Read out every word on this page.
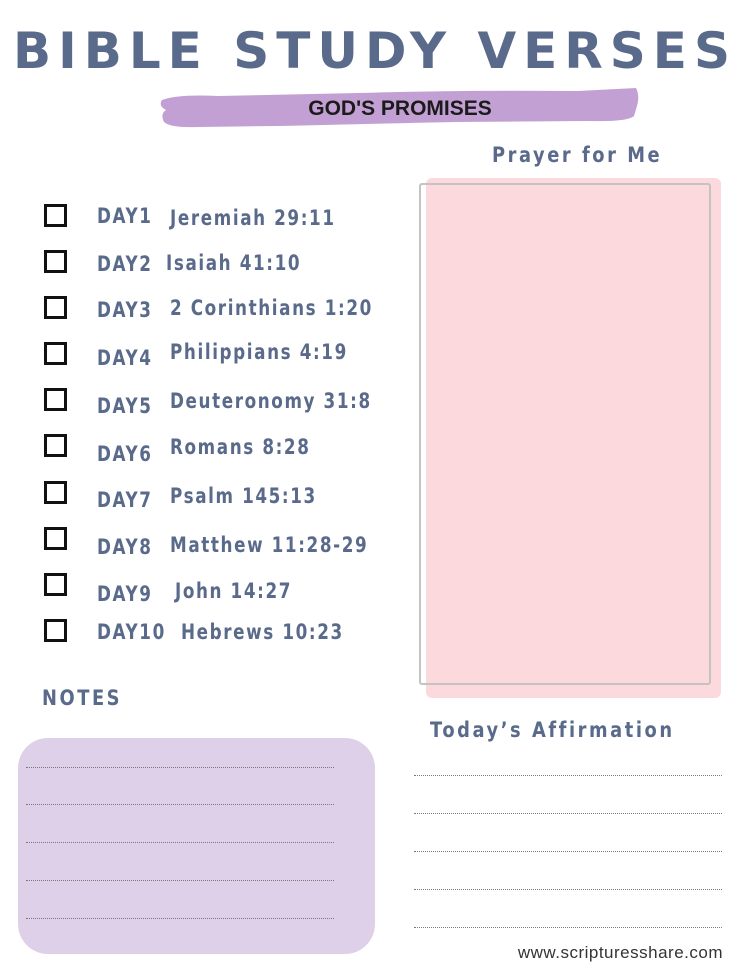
BIBLE STUDY VERSES
GOD'S PROMISES
Prayer for Me
DAY1 Jeremiah 29:11
DAY2 Isaiah 41:10
DAY3 2 Corinthians 1:20
DAY4 Philippians 4:19
DAY5 Deuteronomy 31:8
DAY6 Romans 8:28
DAY7 Psalm 145:13
DAY8 Matthew 11:28-29
DAY9 John 14:27
DAY10 Hebrews 10:23
NOTES
Today’s Affirmation
www.scripturesshare.com
